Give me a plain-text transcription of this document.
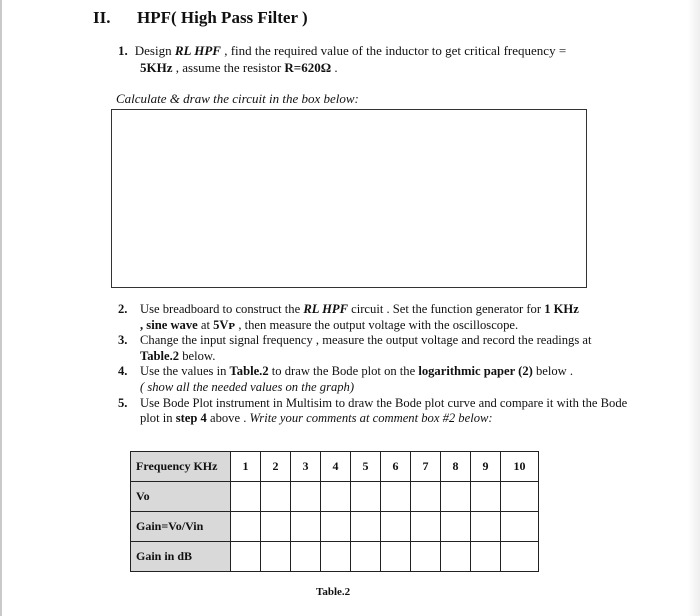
II. HPF( High Pass Filter )
1. Design RL HPF , find the required value of the inductor to get critical frequency =
5KHz , assume the resistor R=620Ω .
Calculate & draw the circuit in the box below:
2. Use breadboard to construct the RL HPF circuit . Set the function generator for 1 KHz
, sine wave at 5Vᴘ , then measure the output voltage with the oscilloscope.
3. Change the input signal frequency , measure the output voltage and record the readings at Table.2 below.
4. Use the values in Table.2 to draw the Bode plot on the logarithmic paper (2) below .
( show all the needed values on the graph)
5. Use Bode Plot instrument in Multisim to draw the Bode plot curve and compare it with the Bode plot in step 4 above . Write your comments at comment box #2 below:
Frequency KHz	1	2	3	4	5	6	7	8	9	10
Vo										
Gain=Vo/Vin										
Gain in dB										
Table.2
